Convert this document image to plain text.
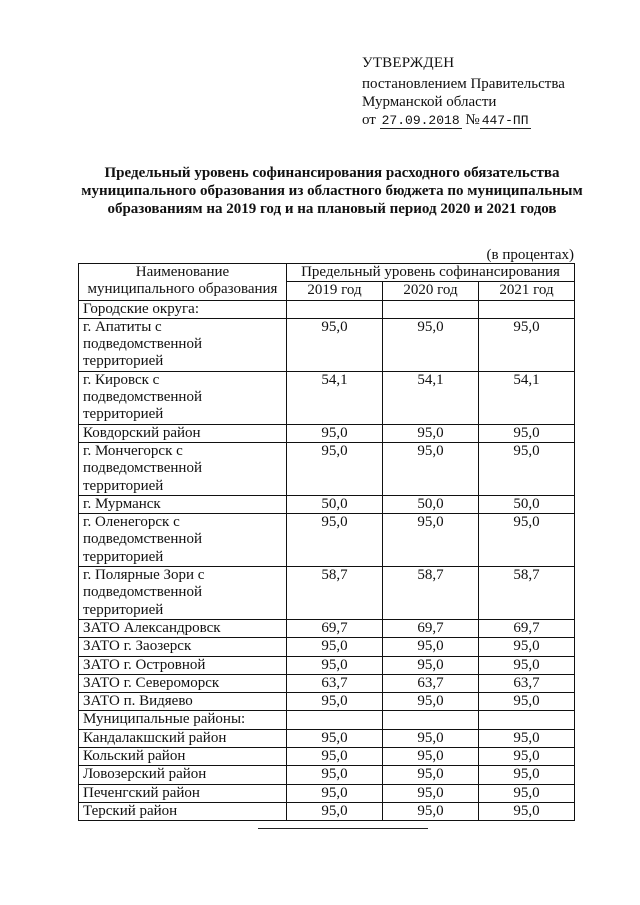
УТВЕРЖДЕН
постановлением Правительства
Мурманской области
от 27.09.2018 № 447-ПП
Предельный уровень софинансирования расходного обязательства муниципального образования из областного бюджета по муниципальным образованиям на 2019 год и на плановый период 2020 и 2021 годов
(в процентах)
Наименование муниципального образования	Предельный уровень софинансирования		
	2019 год	2020 год	2021 год
Городские округа:			
г. Апатиты с подведомственной территорией	95,0	95,0	95,0
г. Кировск с подведомственной территорией	54,1	54,1	54,1
Ковдорский район	95,0	95,0	95,0
г. Мончегорск с подведомственной территорией	95,0	95,0	95,0
г. Мурманск	50,0	50,0	50,0
г. Оленегорск с подведомственной территорией	95,0	95,0	95,0
г. Полярные Зори с подведомственной территорией	58,7	58,7	58,7
ЗАТО Александровск	69,7	69,7	69,7
ЗАТО г. Заозерск	95,0	95,0	95,0
ЗАТО г. Островной	95,0	95,0	95,0
ЗАТО г. Североморск	63,7	63,7	63,7
ЗАТО п. Видяево	95,0	95,0	95,0
Муниципальные районы:			
Кандалакшский район	95,0	95,0	95,0
Кольский район	95,0	95,0	95,0
Ловозерский район	95,0	95,0	95,0
Печенгский район	95,0	95,0	95,0
Терский район	95,0	95,0	95,0
